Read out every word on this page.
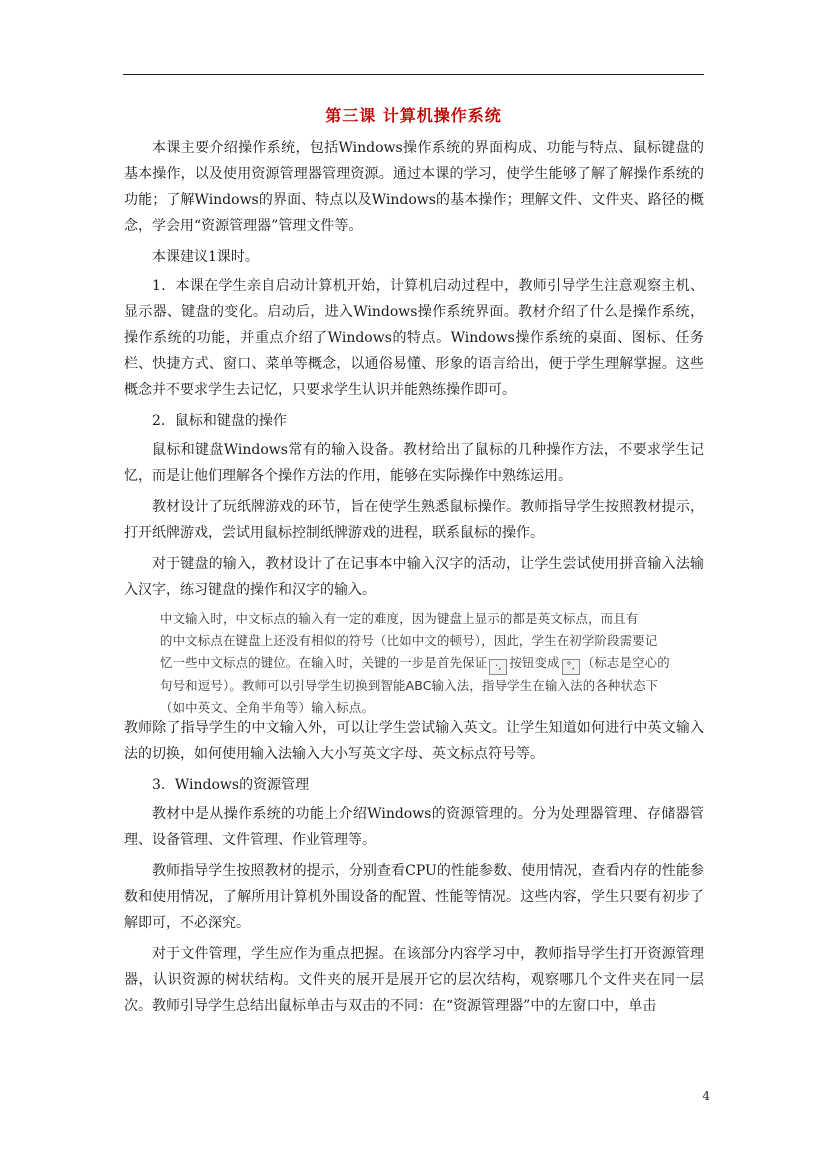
第三课 计算机操作系统

本课主要介绍操作系统，包括Windows操作系统的界面构成、功能与特点、鼠标键盘的基本操作，以及使用资源管理器管理资源。通过本课的学习，使学生能够了解了解操作系统的功能；了解Windows的界面、特点以及Windows的基本操作；理解文件、文件夹、路径的概念，学会用“资源管理器”管理文件等。

本课建议1课时。

1．本课在学生亲自启动计算机开始，计算机启动过程中，教师引导学生注意观察主机、显示器、键盘的变化。启动后，进入Windows操作系统界面。教材介绍了什么是操作系统，操作系统的功能，并重点介绍了Windows的特点。Windows操作系统的桌面、图标、任务栏、快捷方式、窗口、菜单等概念，以通俗易懂、形象的语言给出，便于学生理解掌握。这些概念并不要求学生去记忆，只要求学生认识并能熟练操作即可。

2．鼠标和键盘的操作

鼠标和键盘Windows常有的输入设备。教材给出了鼠标的几种操作方法，不要求学生记忆，而是让他们理解各个操作方法的作用，能够在实际操作中熟练运用。

教材设计了玩纸牌游戏的环节，旨在使学生熟悉鼠标操作。教师指导学生按照教材提示，打开纸牌游戏，尝试用鼠标控制纸牌游戏的进程，联系鼠标的操作。

对于键盘的输入，教材设计了在记事本中输入汉字的活动，让学生尝试使用拼音输入法输入汉字，练习键盘的操作和汉字的输入。

中文输入时，中文标点的输入有一定的难度，因为键盘上显示的都是英文标点，而且有

的中文标点在键盘上还没有相似的符号（比如中文的顿号），因此，学生在初学阶段需要记

忆一些中文标点的键位。在输入时，关键的一步是首先保证 ·, 按钮变成 °, （标志是空心的

句号和逗号）。教师可以引导学生切换到智能ABC输入法，指导学生在输入法的各种状态下

（如中英文、全角半角等）输入标点。

教师除了指导学生的中文输入外，可以让学生尝试输入英文。让学生知道如何进行中英文输入法的切换，如何使用输入法输入大小写英文字母、英文标点符号等。

3．Windows的资源管理

教材中是从操作系统的功能上介绍Windows的资源管理的。分为处理器管理、存储器管理、设备管理、文件管理、作业管理等。

教师指导学生按照教材的提示，分别查看CPU的性能参数、使用情况，查看内存的性能参数和使用情况，了解所用计算机外围设备的配置、性能等情况。这些内容，学生只要有初步了解即可，不必深究。

对于文件管理，学生应作为重点把握。在该部分内容学习中，教师指导学生打开资源管理器，认识资源的树状结构。文件夹的展开是展开它的层次结构，观察哪几个文件夹在同一层次。教师引导学生总结出鼠标单击与双击的不同：在“资源管理器”中的左窗口中，单击

4
